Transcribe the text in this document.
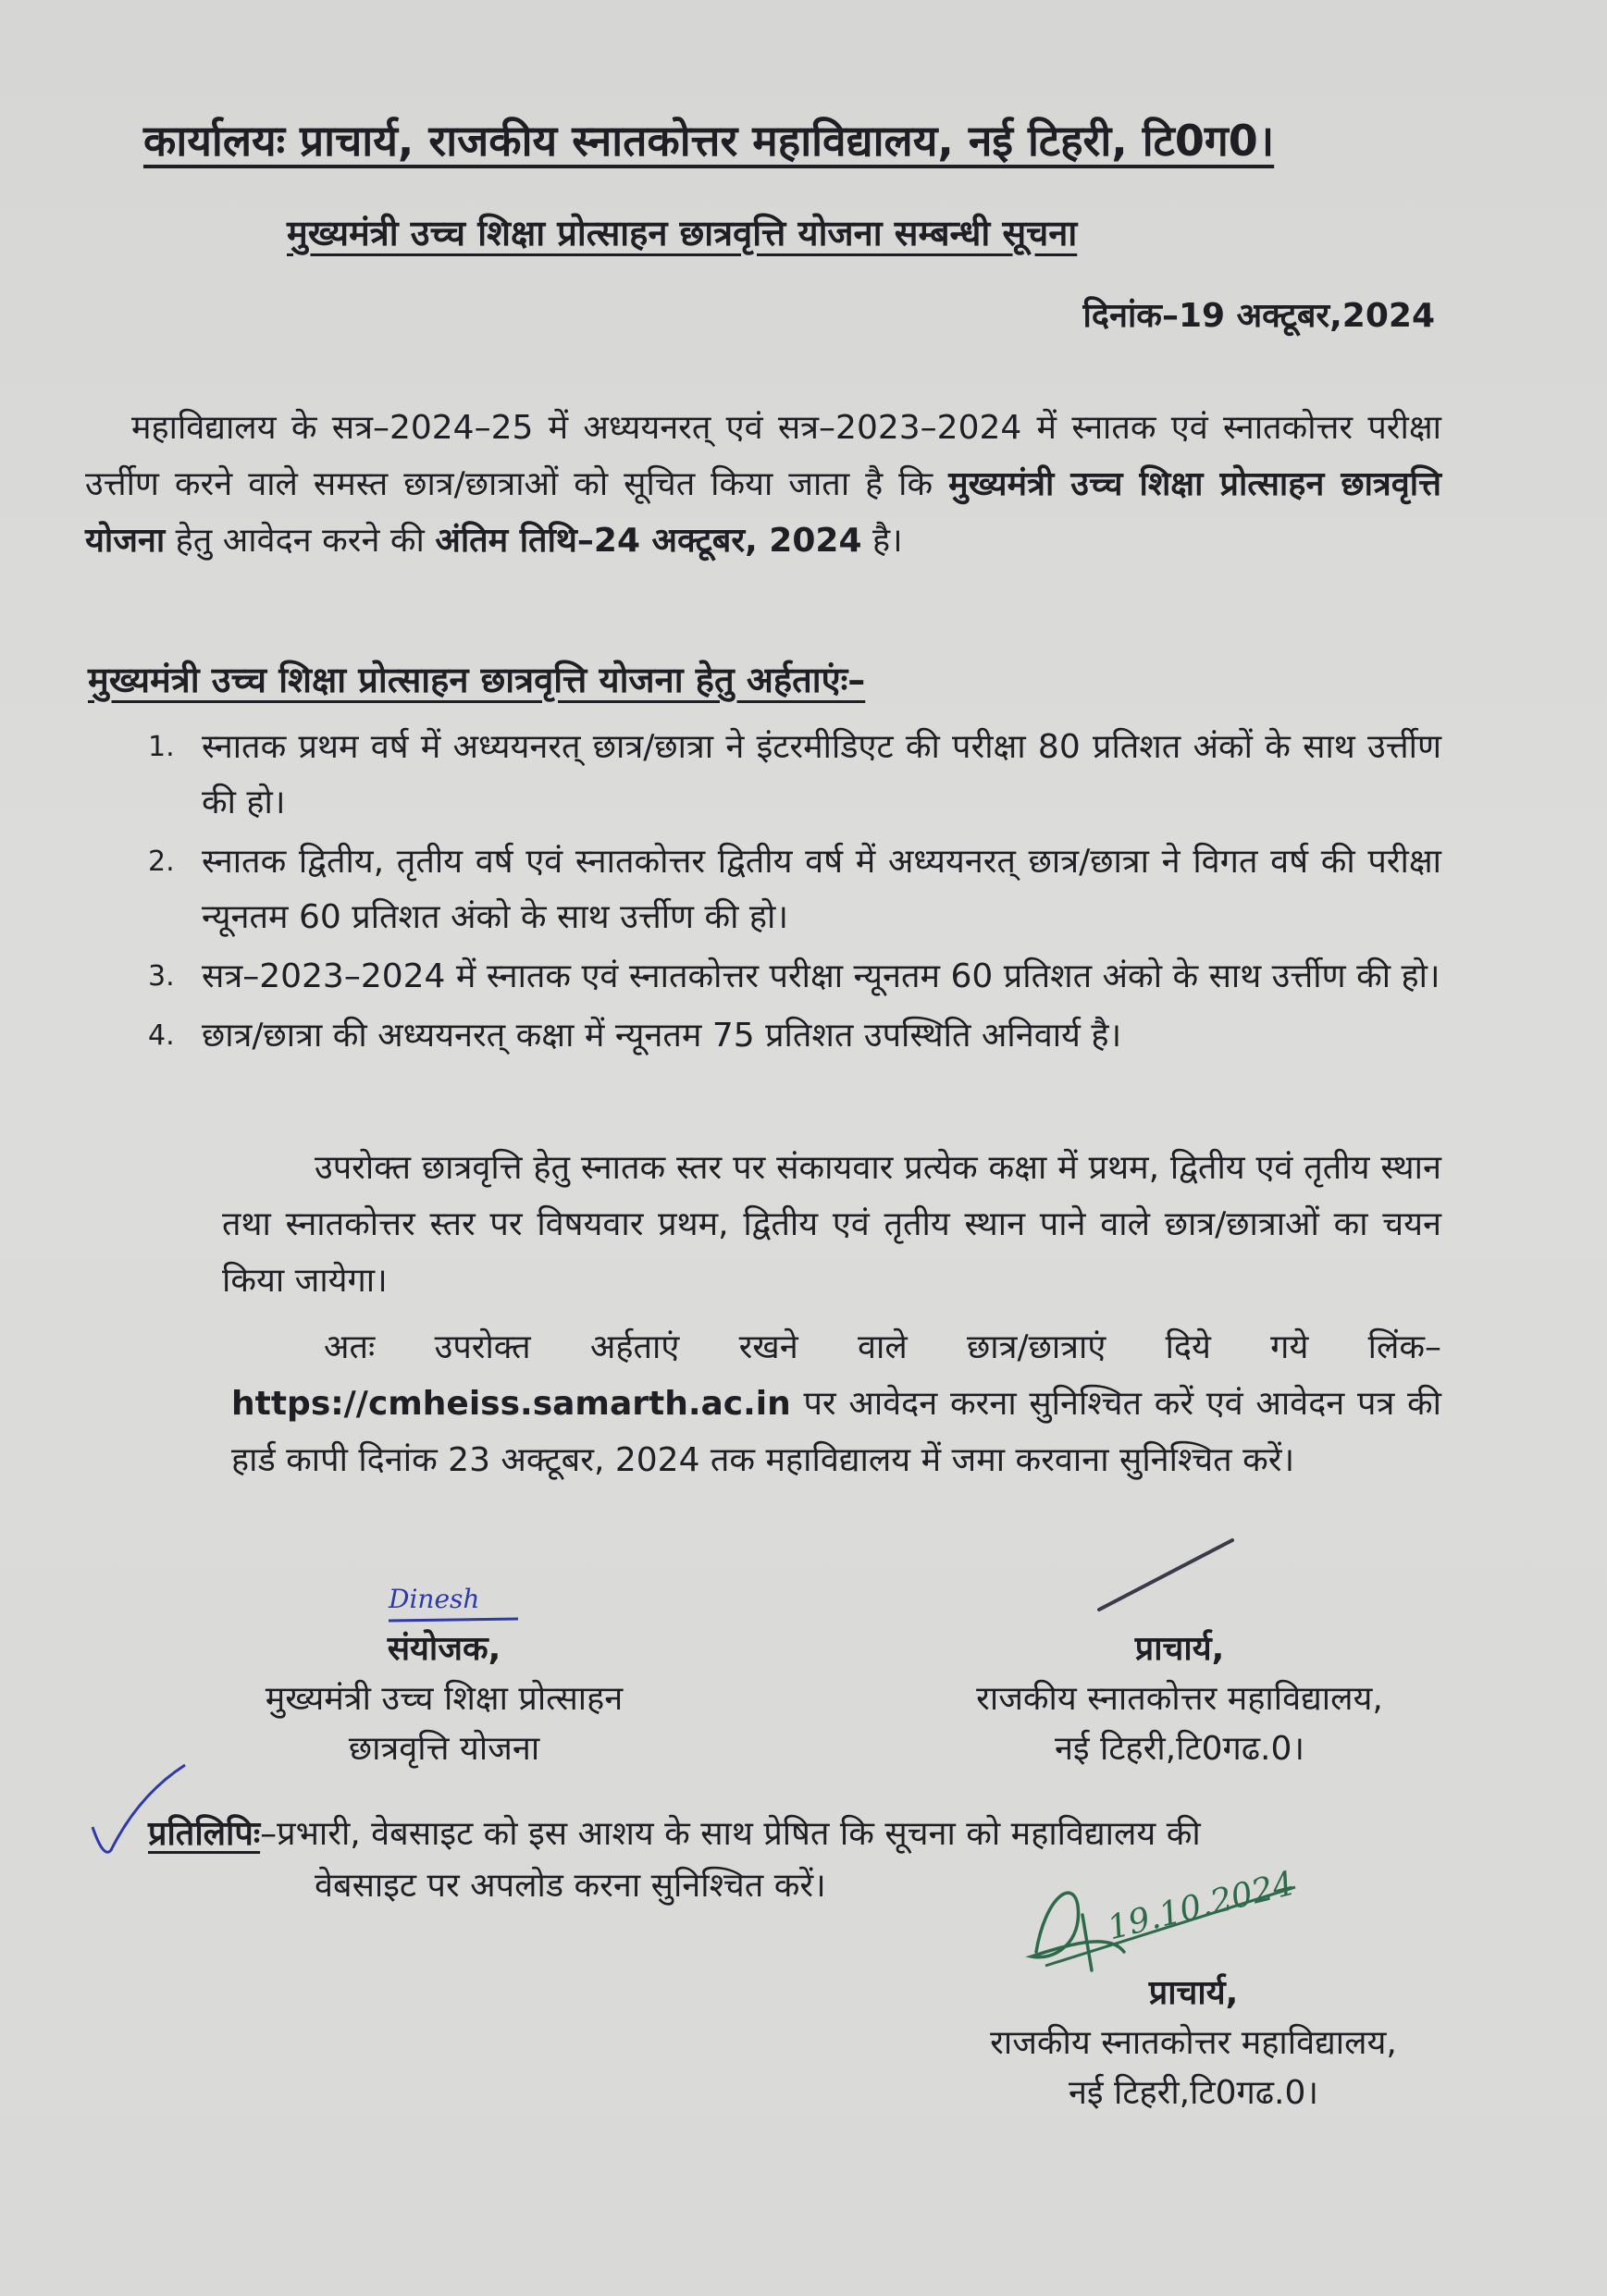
कार्यालयः प्राचार्य, राजकीय स्नातकोत्तर महाविद्यालय, नई टिहरी, टि0ग0।
मुख्यमंत्री उच्च शिक्षा प्रोत्साहन छात्रवृत्ति योजना सम्बन्धी सूचना
दिनांक–19 अक्टूबर,2024
महाविद्यालय के सत्र–2024–25 में अध्ययनरत् एवं सत्र–2023–2024 में स्नातक एवं स्नातकोत्तर परीक्षा उर्त्तीण करने वाले समस्त छात्र/छात्राओं को सूचित किया जाता है कि मुख्यमंत्री उच्च शिक्षा प्रोत्साहन छात्रवृत्ति योजना हेतु आवेदन करने की अंतिम तिथि–24 अक्टूबर, 2024 है।
मुख्यमंत्री उच्च शिक्षा प्रोत्साहन छात्रवृत्ति योजना हेतु अर्हताएंः–
1. स्नातक प्रथम वर्ष में अध्ययनरत् छात्र/छात्रा ने इंटरमीडिएट की परीक्षा 80 प्रतिशत अंकों के साथ उर्त्तीण की हो।
2. स्नातक द्वितीय, तृतीय वर्ष एवं स्नातकोत्तर द्वितीय वर्ष में अध्ययनरत् छात्र/छात्रा ने विगत वर्ष की परीक्षा न्यूनतम 60 प्रतिशत अंको के साथ उर्त्तीण की हो।
3. सत्र–2023–2024 में स्नातक एवं स्नातकोत्तर परीक्षा न्यूनतम 60 प्रतिशत अंको के साथ उर्त्तीण की हो।
4. छात्र/छात्रा की अध्ययनरत् कक्षा में न्यूनतम 75 प्रतिशत उपस्थिति अनिवार्य है।
उपरोक्त छात्रवृत्ति हेतु स्नातक स्तर पर संकायवार प्रत्येक कक्षा में प्रथम, द्वितीय एवं तृतीय स्थान तथा स्नातकोत्तर स्तर पर विषयवार प्रथम, द्वितीय एवं तृतीय स्थान पाने वाले छात्र/छात्राओं का चयन किया जायेगा।
अतः उपरोक्त अर्हताएं रखने वाले छात्र/छात्राएं दिये गये लिंक–https://cmheiss.samarth.ac.in पर आवेदन करना सुनिश्चित करें एवं आवेदन पत्र की हार्ड कापी दिनांक 23 अक्टूबर, 2024 तक महाविद्यालय में जमा करवाना सुनिश्चित करें।
Dinesh
संयोजक,
मुख्यमंत्री उच्च शिक्षा प्रोत्साहन
छात्रवृत्ति योजना
प्राचार्य,
राजकीय स्नातकोत्तर महाविद्यालय,
नई टिहरी,टि0गढ.0।
प्रतिलिपिः–प्रभारी, वेबसाइट को इस आशय के साथ प्रेषित कि सूचना को महाविद्यालय की
वेबसाइट पर अपलोड करना सुनिश्चित करें।	19.10.2024
प्राचार्य,
राजकीय स्नातकोत्तर महाविद्यालय,
नई टिहरी,टि0गढ.0।
